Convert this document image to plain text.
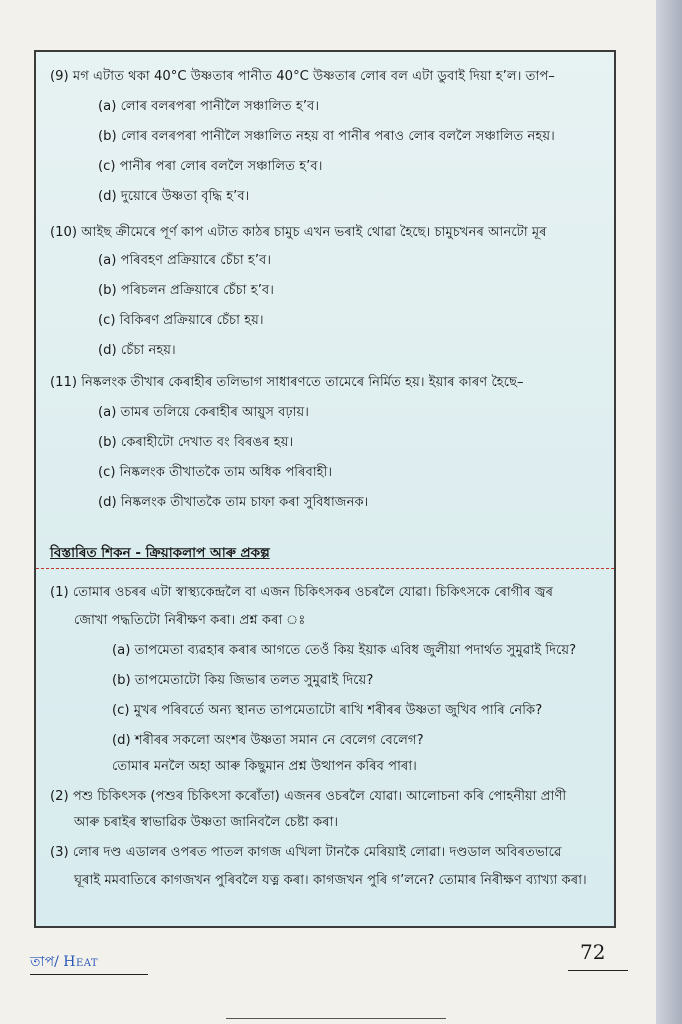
(9) মগ এটাত থকা 40°C উষ্ণতাৰ পানীত 40°C উষ্ণতাৰ লোৰ বল এটা ডুবাই দিয়া হ’ল। তাপ–
(a) লোৰ বলৰপৰা পানীলৈ সঞ্চালিত হ’ব।
(b) লোৰ বলৰপৰা পানীলৈ সঞ্চালিত নহয় বা পানীৰ পৰাও লোৰ বললৈ সঞ্চালিত নহয়।
(c) পানীৰ পৰা লোৰ বললৈ সঞ্চালিত হ’ব।
(d) দুয়োৰে উষ্ণতা বৃদ্ধি হ’ব।
(10) আইছ ক্ৰীমেৰে পূৰ্ণ কাপ এটাত কাঠৰ চামুচ এখন ভৰাই থোৱা হৈছে। চামুচখনৰ আনটো মূৰ
(a) পৰিবহণ প্ৰক্ৰিয়াৰে চেঁচা হ’ব।
(b) পৰিচলন প্ৰক্ৰিয়াৰে চেঁচা হ’ব।
(c) বিকিৰণ প্ৰক্ৰিয়াৰে চেঁচা হয়।
(d) চেঁচা নহয়।
(11) নিষ্কলংক তীখাৰ কেৰাহীৰ তলিভাগ সাধাৰণতে তামেৰে নিৰ্মিত হয়। ইয়াৰ কাৰণ হৈছে–
(a) তামৰ তলিয়ে কেৰাহীৰ আয়ুস বঢ়ায়।
(b) কেৰাহীটো দেখাত বং বিৰঙৰ হয়।
(c) নিষ্কলংক তীখাতকৈ তাম অধিক পৰিবাহী।
(d) নিষ্কলংক তীখাতকৈ তাম চাফা কৰা সুবিধাজনক।
বিস্তাৰিত শিকন - ক্ৰিয়াকলাপ আৰু প্ৰকল্প
(1) তোমাৰ ওচৰৰ এটা স্বাস্থ্যকেন্দ্ৰলৈ বা এজন চিকিৎসকৰ ওচৰলৈ যোৱা। চিকিৎসকে ৰোগীৰ জ্বৰ
জোখা পদ্ধতিটো নিৰীক্ষণ কৰা। প্ৰশ্ন কৰা ঃ
(a) তাপমেতা ব্যৱহাৰ কৰাৰ আগতে তেওঁ কিয় ইয়াক এবিধ জুলীয়া পদাৰ্থত সুমুৱাই দিয়ে?
(b) তাপমেতাটো কিয় জিভাৰ তলত সুমুৱাই দিয়ে?
(c) মুখৰ পৰিবৰ্তে অন্য স্থানত তাপমেতাটো ৰাখি শৰীৰৰ উষ্ণতা জুখিব পাৰি নেকি?
(d) শৰীৰৰ সকলো অংশৰ উষ্ণতা সমান নে বেলেগ বেলেগ?
তোমাৰ মনলৈ অহা আৰু কিছুমান প্ৰশ্ন উত্থাপন কৰিব পাৰা।
(2) পশু চিকিৎসক (পশুৰ চিকিৎসা কৰোঁতা) এজনৰ ওচৰলৈ যোৱা। আলোচনা কৰি পোহনীয়া প্ৰাণী
আৰু চৰাইৰ স্বাভাৱিক উষ্ণতা জানিবলৈ চেষ্টা কৰা।
(3) লোৰ দণ্ড এডালৰ ওপৰত পাতল কাগজ এখিলা টানকৈ মেৰিয়াই লোৱা। দণ্ডডাল অবিৰতভাৱে
ঘূৰাই মমবাতিৰে কাগজখন পুৰিবলৈ যত্ন কৰা। কাগজখন পুৰি গ’লনে? তোমাৰ নিৰীক্ষণ ব্যাখ্যা কৰা।
তাপ/ Heat	72
